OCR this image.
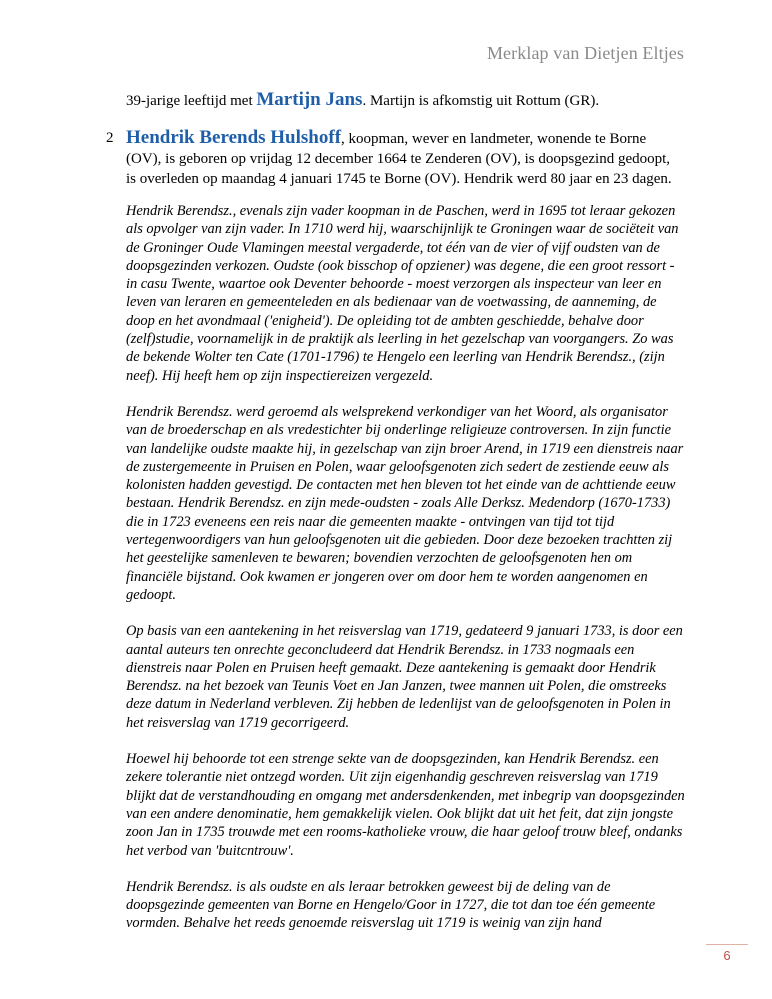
Merklap van Dietjen Eltjes
39-jarige leeftijd met Martijn Jans. Martijn is afkomstig uit Rottum (GR).
2 Hendrik Berends Hulshoff, koopman, wever en landmeter, wonende te Borne (OV), is geboren op vrijdag 12 december 1664 te Zenderen (OV), is doopsgezind gedoopt, is overleden op maandag 4 januari 1745 te Borne (OV). Hendrik werd 80 jaar en 23 dagen.

Hendrik Berendsz., evenals zijn vader koopman in de Paschen, werd in 1695 tot leraar gekozen als opvolger van zijn vader. In 1710 werd hij, waarschijnlijk te Groningen waar de sociëteit van de Groninger Oude Vlamingen meestal vergaderde, tot één van de vier of vijf oudsten van de doopsgezinden verkozen. Oudste (ook bisschop of opziener) was degene, die een groot ressort - in casu Twente, waartoe ook Deventer behoorde - moest verzorgen als inspecteur van leer en leven van leraren en gemeenteleden en als bedienaar van de voetwassing, de aanneming, de doop en het avondmaal ('enigheid'). De opleiding tot de ambten geschiedde, behalve door (zelf)studie, voornamelijk in de praktijk als leerling in het gezelschap van voorgangers. Zo was de bekende Wolter ten Cate (1701-1796) te Hengelo een leerling van Hendrik Berendsz., (zijn neef). Hij heeft hem op zijn inspectiereizen vergezeld.

Hendrik Berendsz. werd geroemd als welsprekend verkondiger van het Woord, als organisator van de broederschap en als vredestichter bij onderlinge religieuze controversen. In zijn functie van landelijke oudste maakte hij, in gezelschap van zijn broer Arend, in 1719 een dienstreis naar de zustergemeente in Pruisen en Polen, waar geloofsgenoten zich sedert de zestiende eeuw als kolonisten hadden gevestigd. De contacten met hen bleven tot het einde van de achttiende eeuw bestaan. Hendrik Berendsz. en zijn mede-oudsten - zoals Alle Derksz. Medendorp (1670-1733) die in 1723 eveneens een reis naar die gemeenten maakte - ontvingen van tijd tot tijd vertegenwoordigers van hun geloofsgenoten uit die gebieden. Door deze bezoeken trachtten zij het geestelijke samenleven te bewaren; bovendien verzochten de geloofsgenoten hen om financiële bijstand. Ook kwamen er jongeren over om door hem te worden aangenomen en gedoopt.

Op basis van een aantekening in het reisverslag van 1719, gedateerd 9 januari 1733, is door een aantal auteurs ten onrechte geconcludeerd dat Hendrik Berendsz. in 1733 nogmaals een dienstreis naar Polen en Pruisen heeft gemaakt. Deze aantekening is gemaakt door Hendrik Berendsz. na het bezoek van Teunis Voet en Jan Janzen, twee mannen uit Polen, die omstreeks deze datum in Nederland verbleven. Zij hebben de ledenlijst van de geloofsgenoten in Polen in het reisverslag van 1719 gecorrigeerd.

Hoewel hij behoorde tot een strenge sekte van de doopsgezinden, kan Hendrik Berendsz. een zekere tolerantie niet ontzegd worden. Uit zijn eigenhandig geschreven reisverslag van 1719 blijkt dat de verstandhouding en omgang met andersdenkenden, met inbegrip van doopsgezinden van een andere denominatie, hem gemakkelijk vielen. Ook blijkt dat uit het feit, dat zijn jongste zoon Jan in 1735 trouwde met een rooms-katholieke vrouw, die haar geloof trouw bleef, ondanks het verbod van 'buitcntrouw'.

Hendrik Berendsz. is als oudste en als leraar betrokken geweest bij de deling van de doopsgezinde gemeenten van Borne en Hengelo/Goor in 1727, die tot dan toe één gemeente vormden. Behalve het reeds genoemde reisverslag uit 1719 is weinig van zijn hand

6
